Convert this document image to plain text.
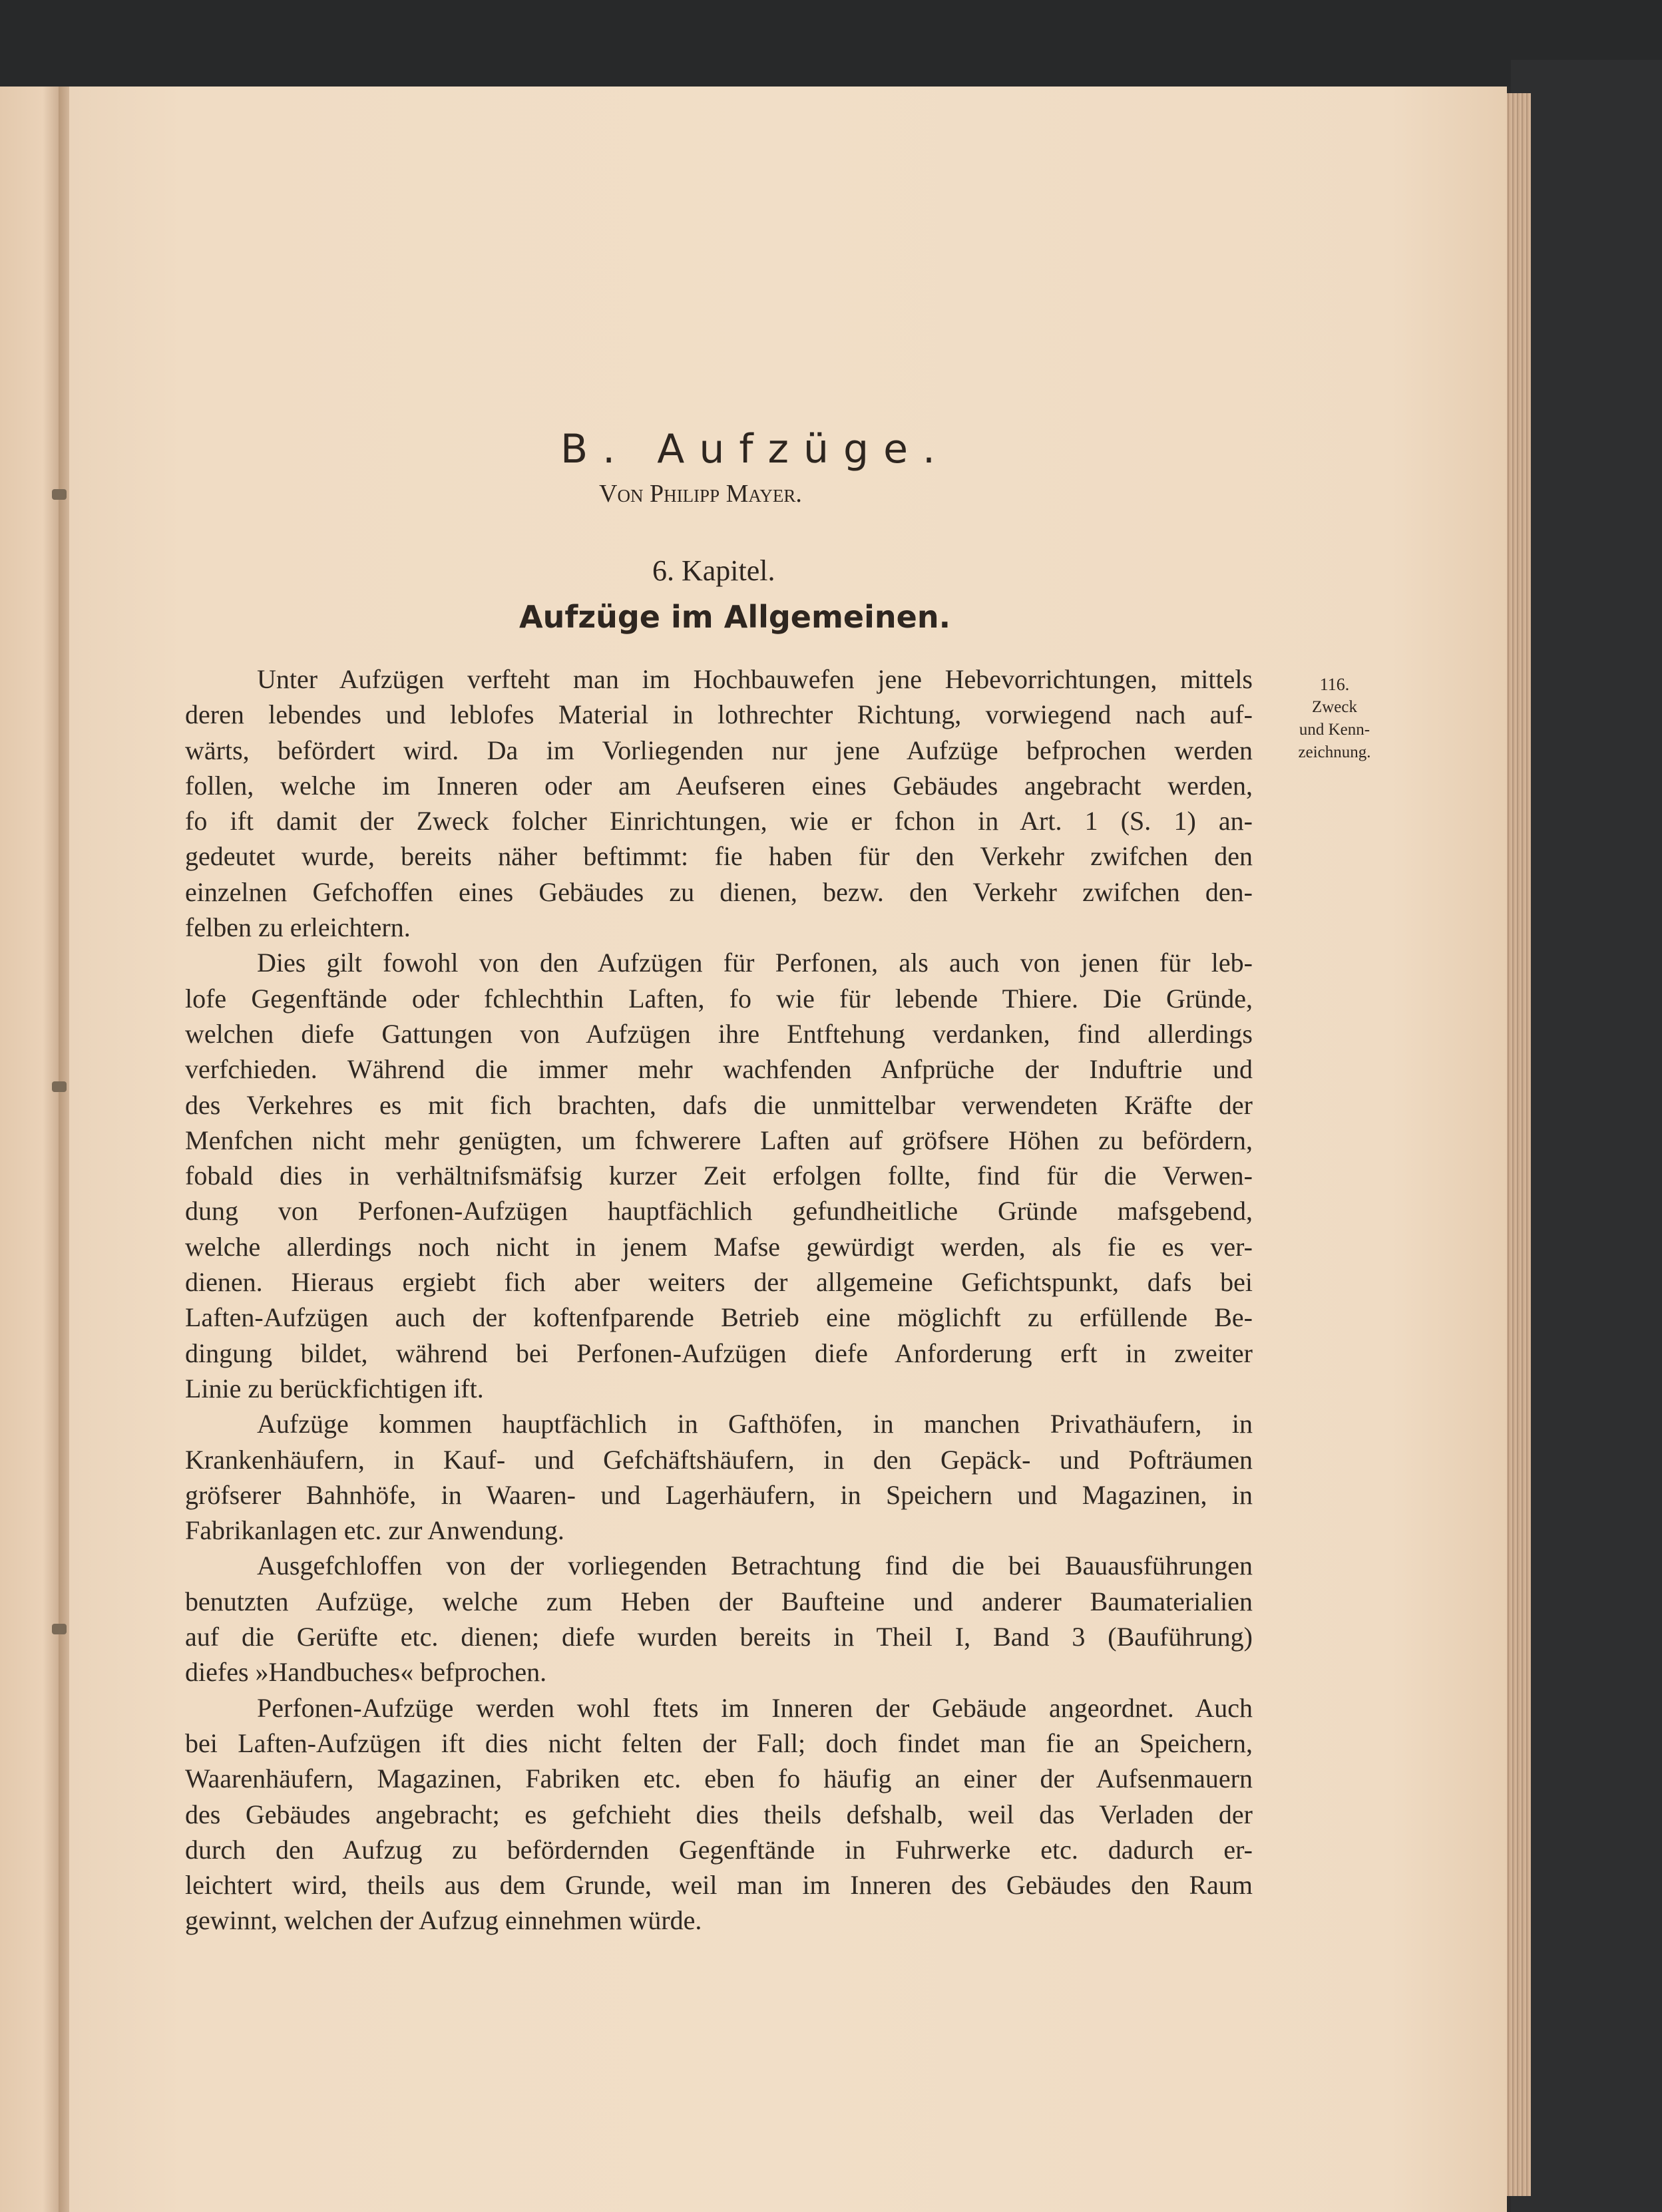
B. Aufzüge.
Von Philipp Mayer.
6. Kapitel.
Aufzüge im Allgemeinen.
116.
Zweck
und Kenn-
zeichnung.
Unter Aufzügen verfteht man im Hochbauwefen jene Hebevorrichtungen, mittels
deren lebendes und leblofes Material in lothrechter Richtung, vorwiegend nach auf-
wärts, befördert wird. Da im Vorliegenden nur jene Aufzüge befprochen werden
follen, welche im Inneren oder am Aeufseren eines Gebäudes angebracht werden,
fo ift damit der Zweck folcher Einrichtungen, wie er fchon in Art. 1 (S. 1) an-
gedeutet wurde, bereits näher beftimmt: fie haben für den Verkehr zwifchen den
einzelnen Gefchoffen eines Gebäudes zu dienen, bezw. den Verkehr zwifchen den-
felben zu erleichtern.
Dies gilt fowohl von den Aufzügen für Perfonen, als auch von jenen für leb-
lofe Gegenftände oder fchlechthin Laften, fo wie für lebende Thiere. Die Gründe,
welchen diefe Gattungen von Aufzügen ihre Entftehung verdanken, find allerdings
verfchieden. Während die immer mehr wachfenden Anfprüche der Induftrie und
des Verkehres es mit fich brachten, dafs die unmittelbar verwendeten Kräfte der
Menfchen nicht mehr genügten, um fchwerere Laften auf gröfsere Höhen zu befördern,
fobald dies in verhältnifsmäfsig kurzer Zeit erfolgen follte, find für die Verwen-
dung von Perfonen-Aufzügen hauptfächlich gefundheitliche Gründe mafsgebend,
welche allerdings noch nicht in jenem Mafse gewürdigt werden, als fie es ver-
dienen. Hieraus ergiebt fich aber weiters der allgemeine Gefichtspunkt, dafs bei
Laften-Aufzügen auch der koftenfparende Betrieb eine möglichft zu erfüllende Be-
dingung bildet, während bei Perfonen-Aufzügen diefe Anforderung erft in zweiter
Linie zu berückfichtigen ift.
Aufzüge kommen hauptfächlich in Gafthöfen, in manchen Privathäufern, in
Krankenhäufern, in Kauf- und Gefchäftshäufern, in den Gepäck- und Pofträumen
gröfserer Bahnhöfe, in Waaren- und Lagerhäufern, in Speichern und Magazinen, in
Fabrikanlagen etc. zur Anwendung.
Ausgefchloffen von der vorliegenden Betrachtung find die bei Bauausführungen
benutzten Aufzüge, welche zum Heben der Baufteine und anderer Baumaterialien
auf die Gerüfte etc. dienen; diefe wurden bereits in Theil I, Band 3 (Bauführung)
diefes »Handbuches« befprochen.
Perfonen-Aufzüge werden wohl ftets im Inneren der Gebäude angeordnet. Auch
bei Laften-Aufzügen ift dies nicht felten der Fall; doch findet man fie an Speichern,
Waarenhäufern, Magazinen, Fabriken etc. eben fo häufig an einer der Aufsenmauern
des Gebäudes angebracht; es gefchieht dies theils defshalb, weil das Verladen der
durch den Aufzug zu befördernden Gegenftände in Fuhrwerke etc. dadurch er-
leichtert wird, theils aus dem Grunde, weil man im Inneren des Gebäudes den Raum
gewinnt, welchen der Aufzug einnehmen würde.
